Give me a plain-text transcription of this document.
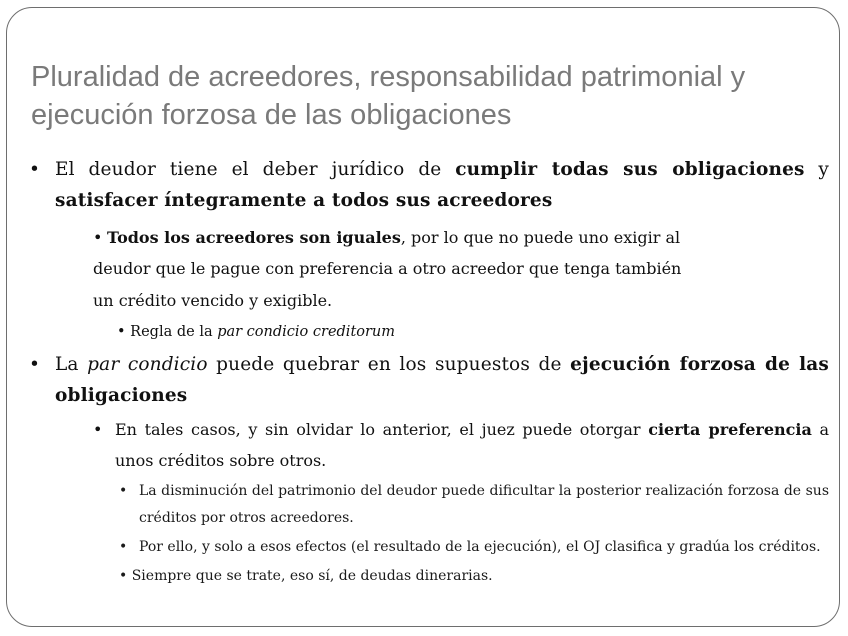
Pluralidad de acreedores, responsabilidad patrimonial y ejecución forzosa de las obligaciones

• El deudor tiene el deber jurídico de cumplir todas sus obligaciones y satisfacer íntegramente a todos sus acreedores

• Todos los acreedores son iguales, por lo que no puede uno exigir al

deudor que le pague con preferencia a otro acreedor que tenga también

un crédito vencido y exigible.

• Regla de la par condicio creditorum

• La par condicio puede quebrar en los supuestos de ejecución forzosa de las obligaciones

• En tales casos, y sin olvidar lo anterior, el juez puede otorgar cierta preferencia a unos créditos sobre otros.

• La disminución del patrimonio del deudor puede dificultar la posterior realización forzosa de sus créditos por otros acreedores.

• Por ello, y solo a esos efectos (el resultado de la ejecución), el OJ clasifica y gradúa los créditos.

• Siempre que se trate, eso sí, de deudas dinerarias.
